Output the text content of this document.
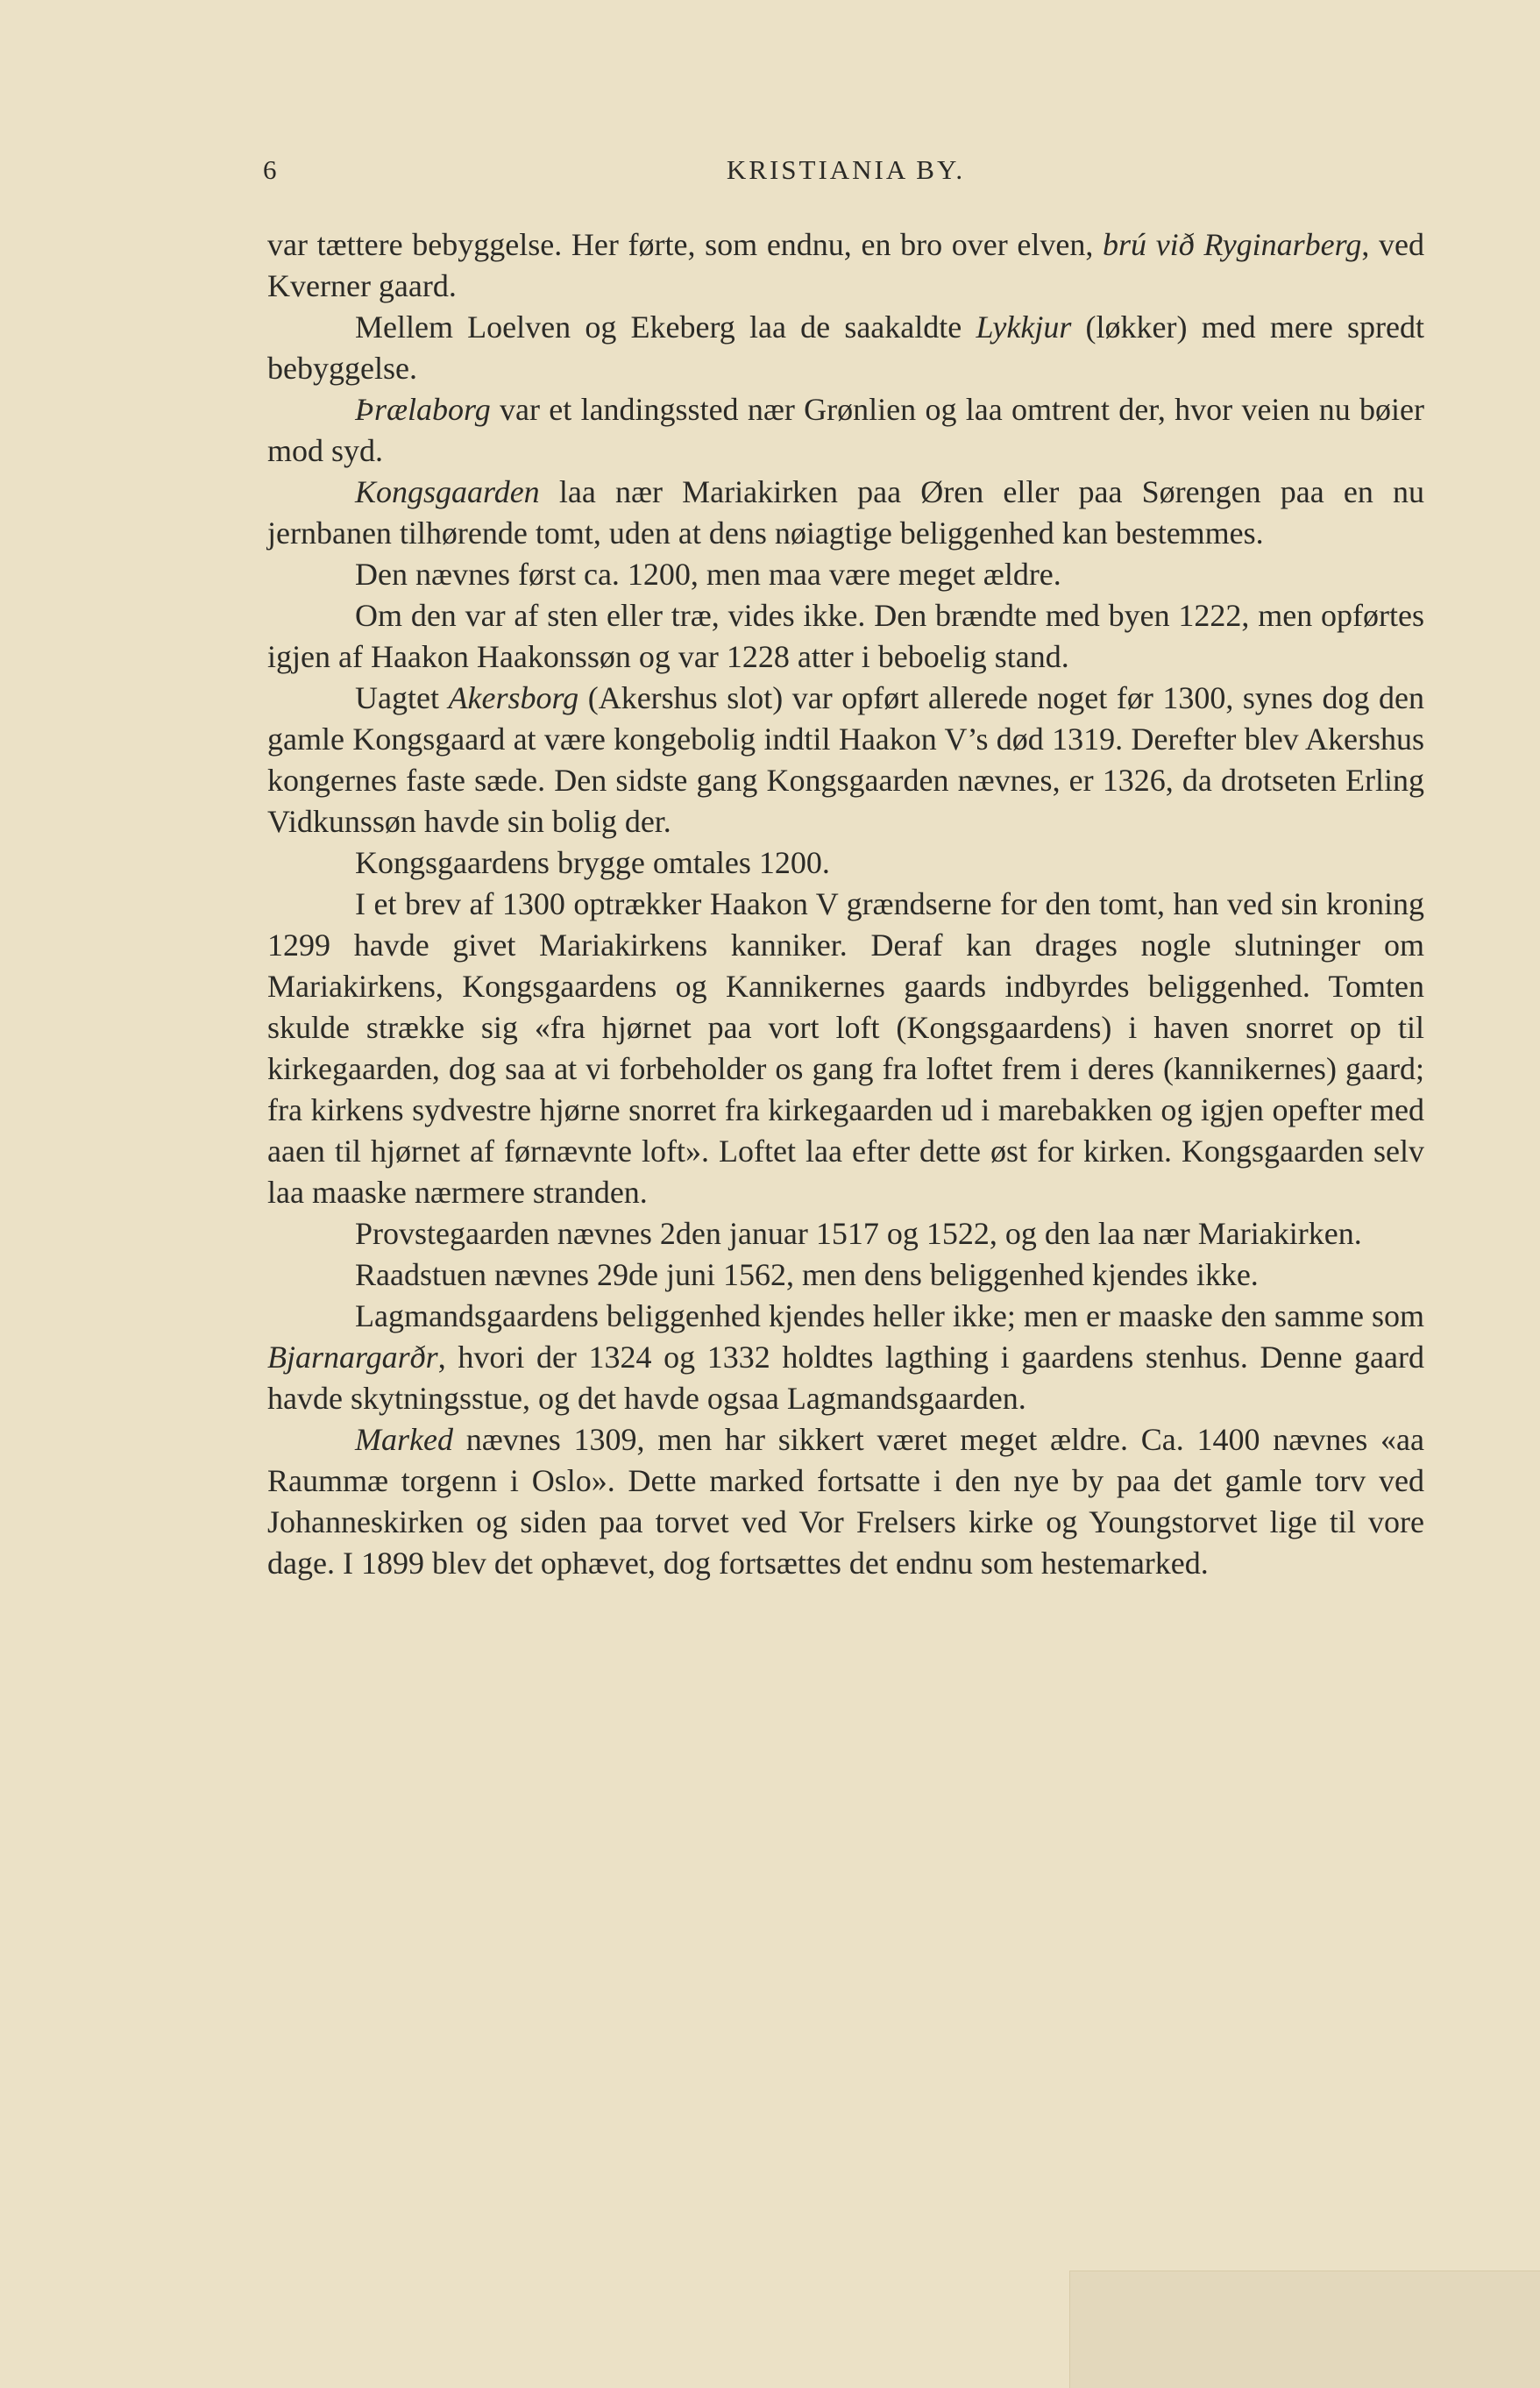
6	KRISTIANIA BY.

var tættere bebyggelse. Her førte, som endnu, en bro over elven, brú við Ryginarberg, ved Kverner gaard.

Mellem Loelven og Ekeberg laa de saakaldte Lykkjur (løkker) med mere spredt bebyggelse.

Þrælaborg var et landingssted nær Grønlien og laa omtrent der, hvor veien nu bøier mod syd.

Kongsgaarden laa nær Mariakirken paa Øren eller paa Sørengen paa en nu jernbanen tilhørende tomt, uden at dens nøiagtige beliggenhed kan bestemmes.

Den nævnes først ca. 1200, men maa være meget ældre.

Om den var af sten eller træ, vides ikke. Den brændte med byen 1222, men opførtes igjen af Haakon Haakonssøn og var 1228 atter i beboelig stand.

Uagtet Akersborg (Akershus slot) var opført allerede noget før 1300, synes dog den gamle Kongsgaard at være kongebolig indtil Haakon V’s død 1319. Derefter blev Akershus kongernes faste sæde. Den sidste gang Kongsgaarden nævnes, er 1326, da drotseten Erling Vidkunssøn havde sin bolig der.

Kongsgaardens brygge omtales 1200.

I et brev af 1300 optrækker Haakon V grændserne for den tomt, han ved sin kroning 1299 havde givet Mariakirkens kanniker. Deraf kan drages nogle slutninger om Mariakirkens, Kongsgaardens og Kannikernes gaards indbyrdes beliggenhed. Tomten skulde strække sig «fra hjørnet paa vort loft (Kongsgaardens) i haven snorret op til kirkegaarden, dog saa at vi forbeholder os gang fra loftet frem i deres (kannikernes) gaard; fra kirkens sydvestre hjørne snorret fra kirkegaarden ud i marebakken og igjen opefter med aaen til hjørnet af førnævnte loft». Loftet laa efter dette øst for kirken. Kongsgaarden selv laa maaske nærmere stranden.

Provstegaarden nævnes 2den januar 1517 og 1522, og den laa nær Mariakirken.

Raadstuen nævnes 29de juni 1562, men dens beliggenhed kjendes ikke.

Lagmandsgaardens beliggenhed kjendes heller ikke; men er maaske den samme som Bjarnargarðr, hvori der 1324 og 1332 holdtes lagthing i gaardens stenhus. Denne gaard havde skytningsstue, og det havde ogsaa Lagmandsgaarden.

Marked nævnes 1309, men har sikkert været meget ældre. Ca. 1400 nævnes «aa Raummæ torgenn i Oslo». Dette marked fortsatte i den nye by paa det gamle torv ved Johanneskirken og siden paa torvet ved Vor Frelsers kirke og Youngstorvet lige til vore dage. I 1899 blev det ophævet, dog fortsættes det endnu som hestemarked.
